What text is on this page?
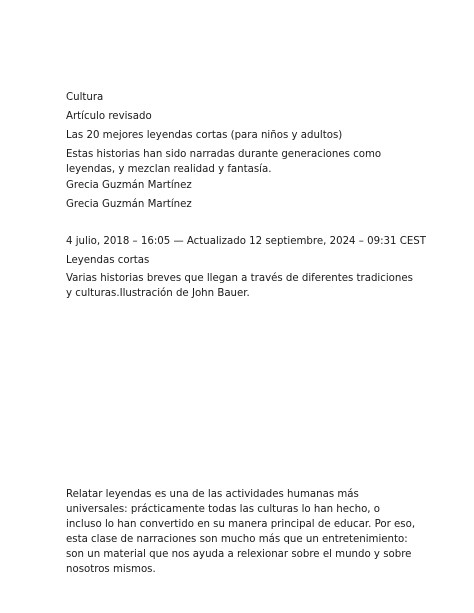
Cultura
Artículo revisado
Las 20 mejores leyendas cortas (para niños y adultos)
Estas historias han sido narradas durante generaciones como leyendas, y mezclan realidad y fantasía.
Grecia Guzmán Martínez
Grecia Guzmán Martínez
4 julio, 2018 – 16:05 — Actualizado 12 septiembre, 2024 – 09:31 CEST
Leyendas cortas
Varias historias breves que llegan a través de diferentes tradiciones y culturas.Ilustración de John Bauer.
Relatar leyendas es una de las actividades humanas más universales: prácticamente todas las culturas lo han hecho, o incluso lo han convertido en su manera principal de educar. Por eso, esta clase de narraciones son mucho más que un entretenimiento: son un material que nos ayuda a relexionar sobre el mundo y sobre nosotros mismos.
